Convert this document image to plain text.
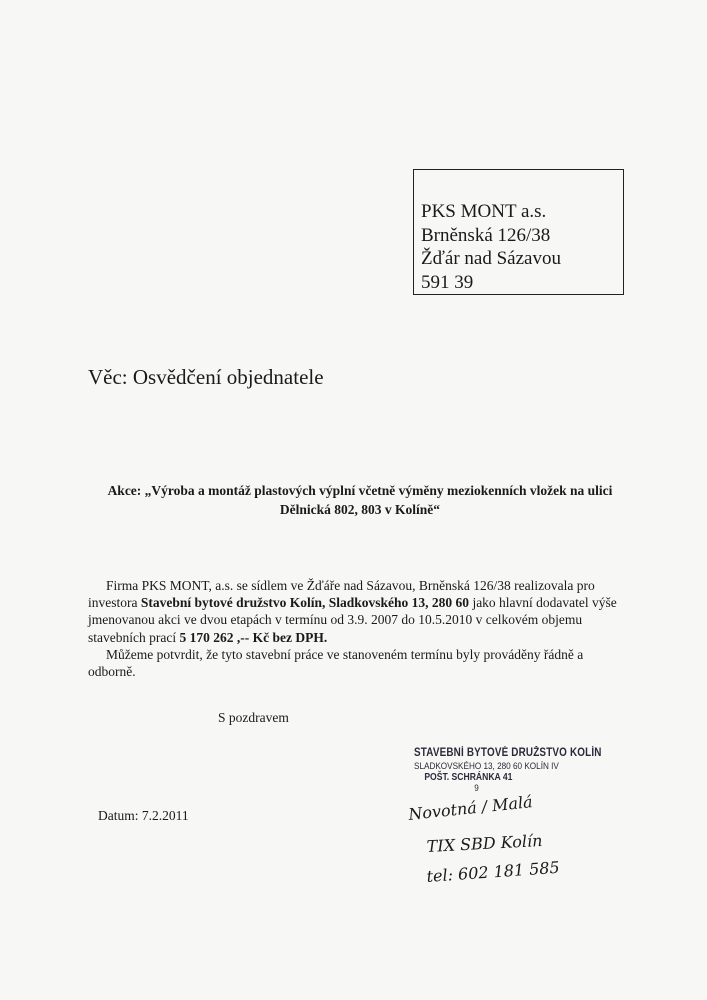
PKS MONT a.s.
Brněnská 126/38
Žďár nad Sázavou
591 39
Věc: Osvědčení objednatele
Akce: „Výroba a montáž plastových výplní včetně výměny meziokenních vložek na ulici
Dělnická 802, 803 v Kolíně“

Firma PKS MONT, a.s. se sídlem ve Žďáře nad Sázavou, Brněnská 126/38 realizovala pro investora Stavební bytové družstvo Kolín, Sladkovského 13, 280 60 jako hlavní dodavatel výše jmenovanou akci ve dvou etapách v termínu od 3.9. 2007 do 10.5.2010 v celkovém objemu stavebních prací 5 170 262 ,-- Kč bez DPH.

Můžeme potvrdit, že tyto stavební práce ve stanoveném termínu byly prováděny řádně a odborně.

S pozdravem
Datum: 7.2.2011
STAVEBNÍ BYTOVÉ DRUŽSTVO KOLÍN
SLADKOVSKÉHO 13, 280 60 KOLÍN IV
POŠT. SCHRÁNKA 41
9
Novotná / Malá
TIX SBD Kolín
tel: 602 181 585
